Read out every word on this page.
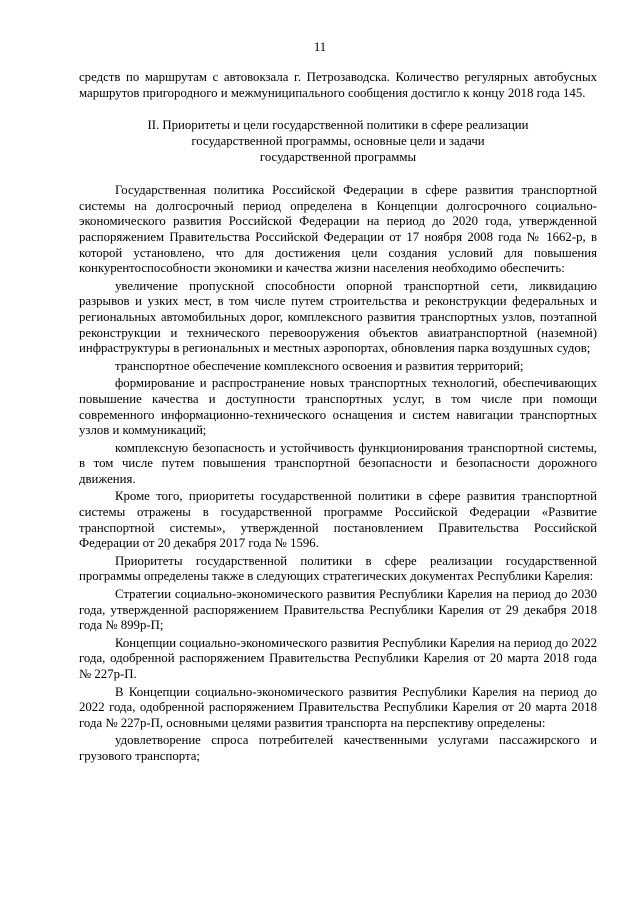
11

средств по маршрутам с автовокзала г. Петрозаводска. Количество регулярных автобусных маршрутов пригородного и межмуниципального сообщения достигло к концу 2018 года 145.

II. Приоритеты и цели государственной политики в сфере реализации
государственной программы, основные цели и задачи
государственной программы

Государственная политика Российской Федерации в сфере развития транспортной системы на долгосрочный период определена в Концепции долгосрочного социально-экономического развития Российской Федерации на период до 2020 года, утвержденной распоряжением Правительства Российской Федерации от 17 ноября 2008 года № 1662-р, в которой установлено, что для достижения цели создания условий для повышения конкурентоспособности экономики и качества жизни населения необходимо обеспечить:

увеличение пропускной способности опорной транспортной сети, ликвидацию разрывов и узких мест, в том числе путем строительства и реконструкции федеральных и региональных автомобильных дорог, комплексного развития транспортных узлов, поэтапной реконструкции и технического перевооружения объектов авиатранспортной (наземной) инфраструктуры в региональных и местных аэропортах, обновления парка воздушных судов;

транспортное обеспечение комплексного освоения и развития территорий;

формирование и распространение новых транспортных технологий, обеспечивающих повышение качества и доступности транспортных услуг, в том числе при помощи современного информационно-технического оснащения и систем навигации транспортных узлов и коммуникаций;

комплексную безопасность и устойчивость функционирования транспортной системы, в том числе путем повышения транспортной безопасности и безопасности дорожного движения.

Кроме того, приоритеты государственной политики в сфере развития транспортной системы отражены в государственной программе Российской Федерации «Развитие транспортной системы», утвержденной постановлением Правительства Российской Федерации от 20 декабря 2017 года № 1596.

Приоритеты государственной политики в сфере реализации государственной программы определены также в следующих стратегических документах Республики Карелия:

Стратегии социально-экономического развития Республики Карелия на период до 2030 года, утвержденной распоряжением Правительства Республики Карелия от 29 декабря 2018 года № 899р-П;

Концепции социально-экономического развития Республики Карелия на период до 2022 года, одобренной распоряжением Правительства Республики Карелия от 20 марта 2018 года № 227р-П.

В Концепции социально-экономического развития Республики Карелия на период до 2022 года, одобренной распоряжением Правительства Республики Карелия от 20 марта 2018 года № 227р-П, основными целями развития транспорта на перспективу определены:

удовлетворение спроса потребителей качественными услугами пассажирского и грузового транспорта;
